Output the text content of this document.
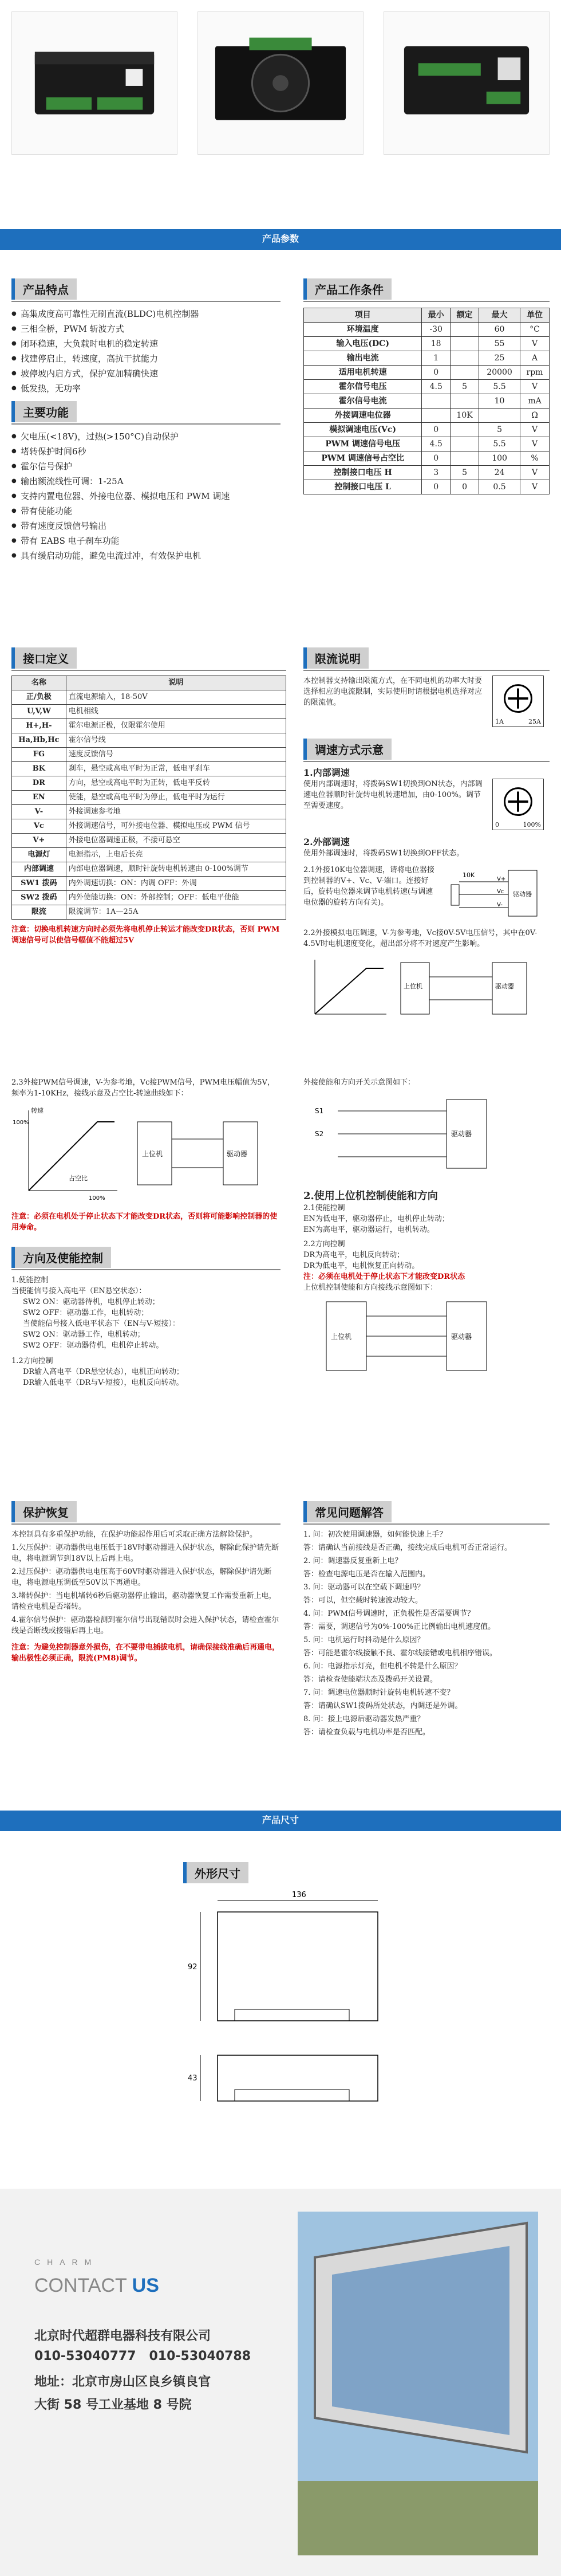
产品参数
产品特点
● 高集成度高可靠性无刷直流(BLDC)电机控制器
● 三相全桥，PWM 斩波方式
● 闭环稳速，大负载时电机的稳定转速
● 找建停启止，转速度，高抗干扰能力
● 坡停坡内启方式，保护宽加精确快速
● 低发热，无功率
主要功能
● 欠电压(<18V)，过热(>150°C)自动保护
● 堵转保护时间6秒
● 霍尔信号保护
● 输出额流线性可调：1-25A
● 支持内置电位器、外接电位器、模拟电压和 PWM 调速
● 带有使能功能
● 带有速度反馈信号输出
● 带有 EABS 电子刹车功能
● 具有缓启动功能，避免电流过冲，有效保护电机
产品工作条件
项目	最小	额定	最大	单位
环境温度	-30		60	°C
输入电压(DC)	18		55	V
输出电流	1		25	A
适用电机转速	0		20000	rpm
霍尔信号电压	4.5	5	5.5	V
霍尔信号电流			10	mA
外接调速电位器		10K		Ω
模拟调速电压(Vc)	0		5	V
PWM 调速信号电压	4.5		5.5	V
PWM 调速信号占空比	0		100	%
控制接口电压 H	3	5	24	V
控制接口电压 L	0	0	0.5	V
接口定义
名称	说明
正/负极	直流电源输入，18-50V
U,V,W	电机相线
H+,H-	霍尔电源正极，仅限霍尔使用
Ha,Hb,Hc	霍尔信号线
FG	速度反馈信号
BK	刹车，悬空或高电平时为正常，低电平刹车
DR	方向，悬空或高电平时为正转，低电平反转
EN	使能，悬空或高电平时为停止，低电平时为运行
V-	外接调速参考地
Vc	外接调速信号，可外接电位器、模拟电压或 PWM 信号
V+	外接电位器调速正极，不接可悬空
电源灯	电源指示，上电后长亮
内部调速	内部电位器调速，顺时针旋转电机转速由 0-100%调节
SW1 拨码	内外调速切换：ON：内调 OFF：外调
SW2 拨码	内外使能切换：ON：外部控制；OFF：低电平使能
限流	限流调节：1A—25A
注意：切换电机转速方向时必须先将电机停止转运才能改变DR状态，否则 PWM 调速信号可以使信号幅值不能超过5V
限流说明
本控制器支持输出限流方式，在不同电机的功率大时要选择相应的电流限制，实际使用时请根据电机选择对应的限流值。
1A	25A
调速方式示意
1.内部调速
使用内部调速时，将拨码SW1切换到ON状态，内部调速电位器顺时针旋转电机转速增加，由0-100%。调节至需要速度。
0	100%
2.外部调速
使用外部调速时，将拨码SW1切换到OFF状态。
2.1外接10K电位器调速，请将电位器接到控制器的V+、Vc、V-端口。连接好后，旋转电位器来调节电机转速(与调速电位器的旋转方向有关)。
V+
Vc
V-
10K
驱动器
2.2外接模拟电压调速，V-为参考地，Vc接0V-5V电压信号，其中在0V-4.5V时电机速度变化，超出部分将不对速度产生影响。
上位机	驱动器
2.3外接PWM信号调速，V-为参考地，Vc接PWM信号，PWM电压幅值为5V，频率为1-10KHz，接线示意及占空比-转速曲线如下：
100%
100%
转速
占空比
上位机	驱动器
注意：必须在电机处于停止状态下才能改变DR状态，否则将可能影响控制器的使用寿命。
方向及使能控制
1.使能控制
当使能信号接入高电平（EN悬空状态）：
SW2 ON：驱动器待机，电机停止转动；
SW2 OFF：驱动器工作，电机转动；
当使能信号接入低电平状态下（EN与V-短接）：
SW2 ON：驱动器工作，电机转动；
SW2 OFF：驱动器待机，电机停止转动。
1.2方向控制
DR输入高电平（DR悬空状态），电机正向转动；
DR输入低电平（DR与V-短接），电机反向转动。
外接使能和方向开关示意图如下：
S1
S2	驱动器
2.使用上位机控制使能和方向
2.1使能控制
EN为低电平，驱动器停止，电机停止转动；
EN为高电平，驱动器运行，电机转动。
2.2方向控制
DR为高电平，电机反向转动；
DR为低电平，电机恢复正向转动。
注：必须在电机处于停止状态下才能改变DR状态
上位机控制使能和方向接线示意图如下：
上位机	驱动器
保护恢复
本控制具有多重保护功能，在保护功能起作用后可采取正确方法解除保护。
1.欠压保护：驱动器供电电压低于18V时驱动器进入保护状态，解除此保护请先断电，将电源调节到18V以上后再上电。
2.过压保护：驱动器供电电压高于60V时驱动器进入保护状态，解除保护请先断电，将电源电压调低至50V以下再通电。
3.堵转保护：当电机堵转6秒后驱动器停止输出，驱动器恢复工作需要重新上电，请检查电机是否堵转。
4.霍尔信号保护：驱动器检测到霍尔信号出现错误时会进入保护状态，请检查霍尔线是否断线或接错后再上电。
注意：为避免控制器意外损伤，在不要带电插拔电机，请确保接线准确后再通电，输出极性必须正确，限流(PM8)调节。
常见问题解答
1. 问：初次使用调速器，如何能快速上手？
答：请确认当前接线是否正确，接线完成后电机可否正常运行。
2. 问：调速器反复重新上电？
答：检查电源电压是否在输入范围内。
3. 问：驱动器可以在空载下调速吗？
答：可以，但空载时转速波动较大。
4. 问：PWM信号调速时，正负极性是否需要调节？
答：需要，调速信号为0%-100%正比例输出电机速度值。
5. 问：电机运行时抖动是什么原因？
答：可能是霍尔线接触不良、霍尔线接错或电机相序错误。
6. 问：电源指示灯亮，但电机不转是什么原因？
答：请检查使能端状态及拨码开关设置。
7. 问：调速电位器顺时针旋转电机转速不变？
答：请确认SW1拨码所处状态，内调还是外调。
8. 问：接上电源后驱动器发热严重？
答：请检查负载与电机功率是否匹配。
产品尺寸
外形尺寸
136
92
43
CHARM
CONTACT US
北京时代超群电器科技有限公司
010-53040777 010-53040788
地址：北京市房山区良乡镇良官
大街 58 号工业基地 8 号院
